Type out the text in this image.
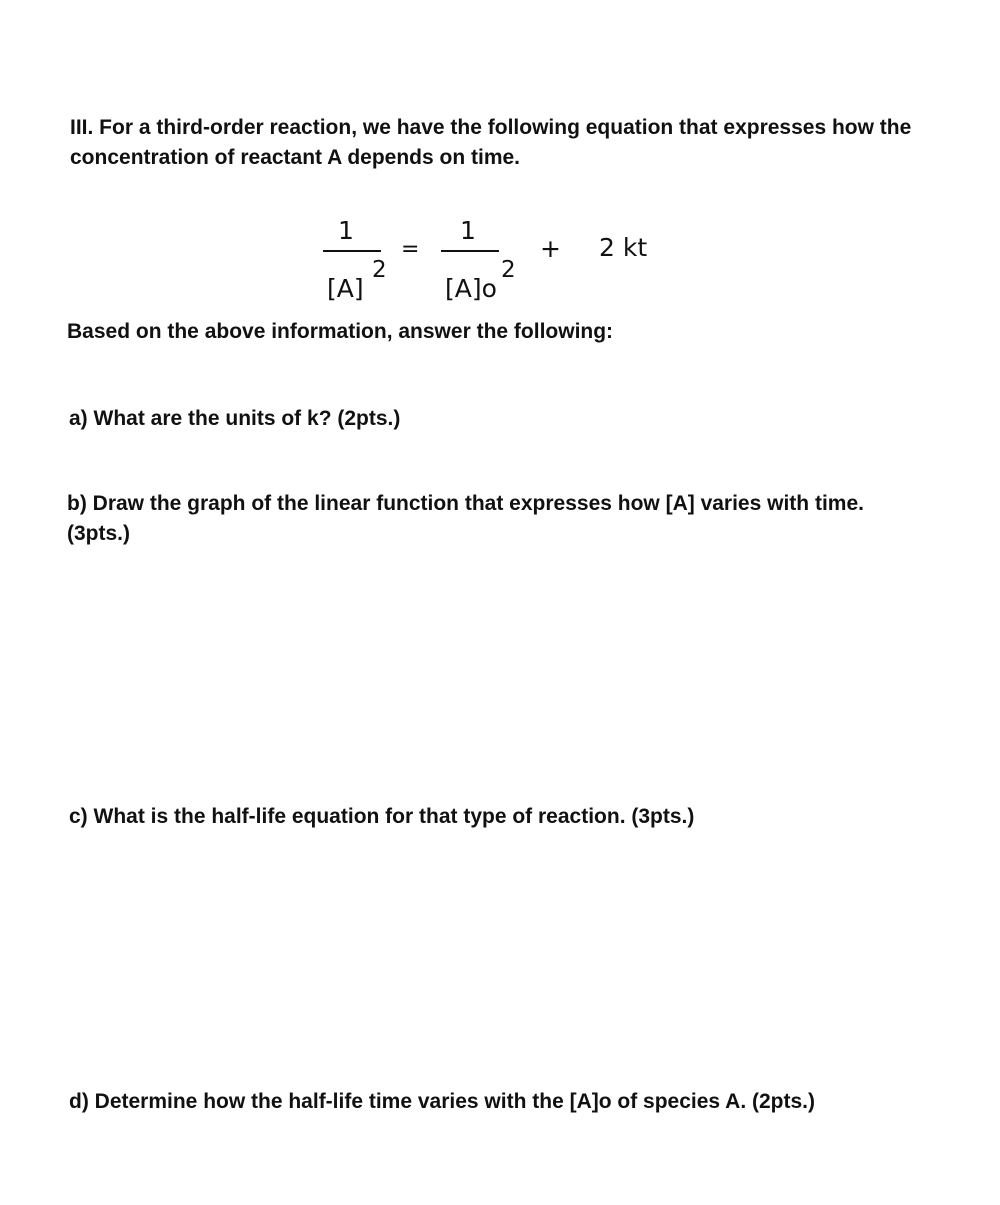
III. For a third-order reaction, we have the following equation that expresses how the concentration of reactant A depends on time.

1
[A]
2
=
1
[A]o
2
+ 2 kt

Based on the above information, answer the following:

a) What are the units of k? (2pts.)

b) Draw the graph of the linear function that expresses how [A] varies with time. (3pts.)

c) What is the half-life equation for that type of reaction. (3pts.)

d) Determine how the half-life time varies with the [A]o of species A. (2pts.)
